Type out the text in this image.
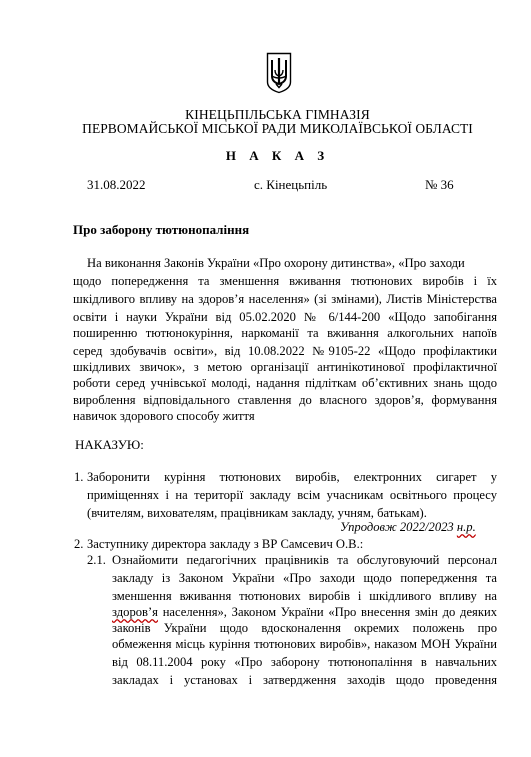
КІНЕЦЬПІЛЬСЬКА ГІМНАЗІЯ
ПЕРВОМАЙСЬКОЇ МІСЬКОЇ РАДИ МИКОЛАЇВСЬКОЇ ОБЛАСТІ
Н А К А З
31.08.2022	с. Кінецьпіль	№ 36
Про заборону тютюнопаління
На виконання Законів України «Про охорону дитинства», «Про заходи
щодо попередження та зменшення вживання тютюнових виробів і їх
шкідливого впливу на здоров’я населення» (зі змінами), Листів Міністерства
освіти і науки України від 05.02.2020 № 6/144-200 «Щодо запобігання
поширенню тютюнокуріння, наркоманії та вживання алкогольних напоїв
серед здобувачів освіти», від 10.08.2022 №9105-22 «Щодо профілактики
шкідливих звичок», з метою організації антинікотинової профілактичної
роботи серед учнівської молоді, надання підліткам об’єктивних знань щодо
вироблення відповідального ставлення до власного здоров’я, формування
навичок здорового способу життя
НАКАЗУЮ:
1. Заборонити куріння тютюнових виробів, електронних сигарет у
приміщеннях і на території закладу всім учасникам освітнього процесу
(вчителям, вихователям, працівникам закладу, учням, батькам).
Упродовж 2022/2023 н.р.
2. Заступнику директора закладу з ВР Самсевич О.В.:
2.1. Ознайомити педагогічних працівників та обслуговуючий персонал
закладу із Законом України «Про заходи щодо попередження та
зменшення вживання тютюнових виробів і шкідливого впливу на
здоров’я населення», Законом України «Про внесення змін до деяких
законів України щодо вдосконалення окремих положень про
обмеження місць куріння тютюнових виробів», наказом МОН України
від 08.11.2004 року «Про заборону тютюнопаління в навчальних
закладах і установах і затвердження заходів щодо проведення
